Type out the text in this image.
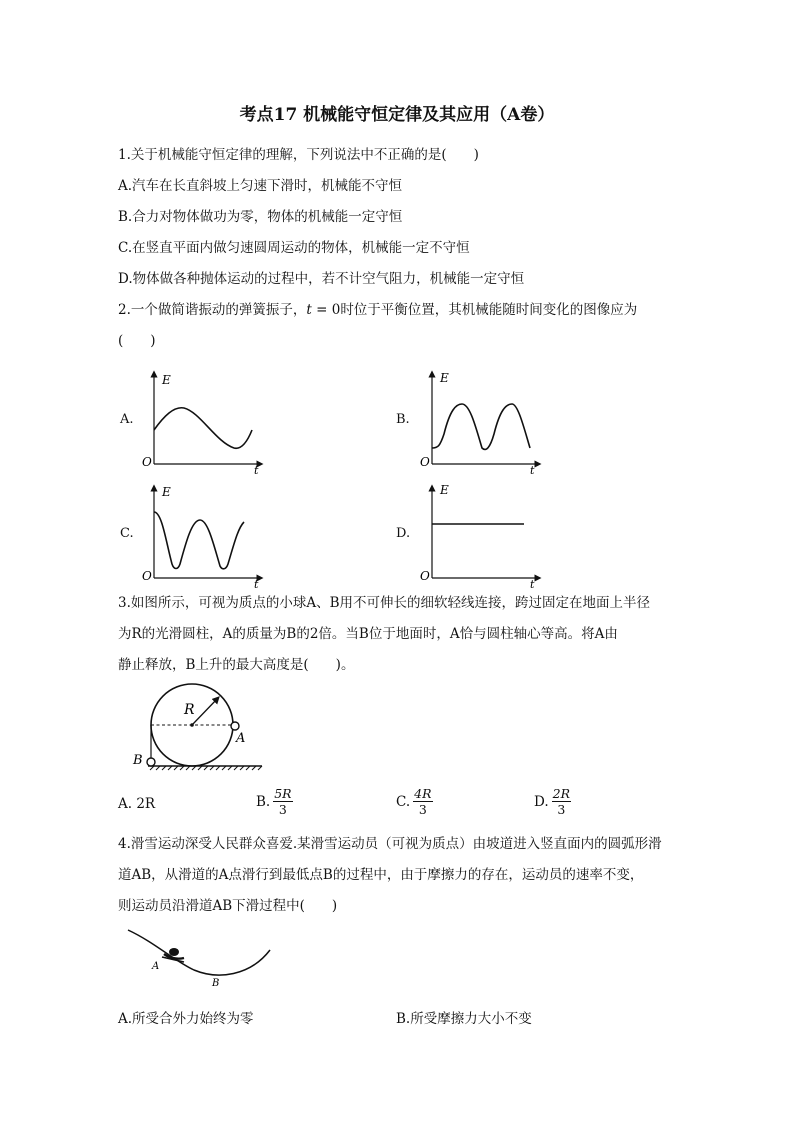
考点17 机械能守恒定律及其应用（A卷）
1.关于机械能守恒定律的理解，下列说法中不正确的是(　　)
A.汽车在长直斜坡上匀速下滑时，机械能不守恒
B.合力对物体做功为零，物体的机械能一定守恒
C.在竖直平面内做匀速圆周运动的物体，机械能一定不守恒
D.物体做各种抛体运动的过程中，若不计空气阻力，机械能一定守恒
2.一个做简谐振动的弹簧振子，t = 0时位于平衡位置，其机械能随时间变化的图像应为
(　　)
A.	B.
C.	D.
E
O
t
E
O
t
E
O
t
E
O
t
3.如图所示，可视为质点的小球A、B用不可伸长的细软轻线连接，跨过固定在地面上半径
为R的光滑圆柱，A的质量为B的2倍。当B位于地面时，A恰与圆柱轴心等高。将A由
静止释放，B上升的最大高度是(　　)。
R
A
B
A. 2R	B. $\frac{5R}{3}$	C. $\frac{4R}{3}$	D. $\frac{2R}{3}$
4.滑雪运动深受人民群众喜爱.某滑雪运动员（可视为质点）由坡道进入竖直面内的圆弧形滑
道AB，从滑道的A点滑行到最低点B的过程中，由于摩擦力的存在，运动员的速率不变，
则运动员沿滑道AB下滑过程中(　　)
A
B
A.所受合外力始终为零	B.所受摩擦力大小不变
